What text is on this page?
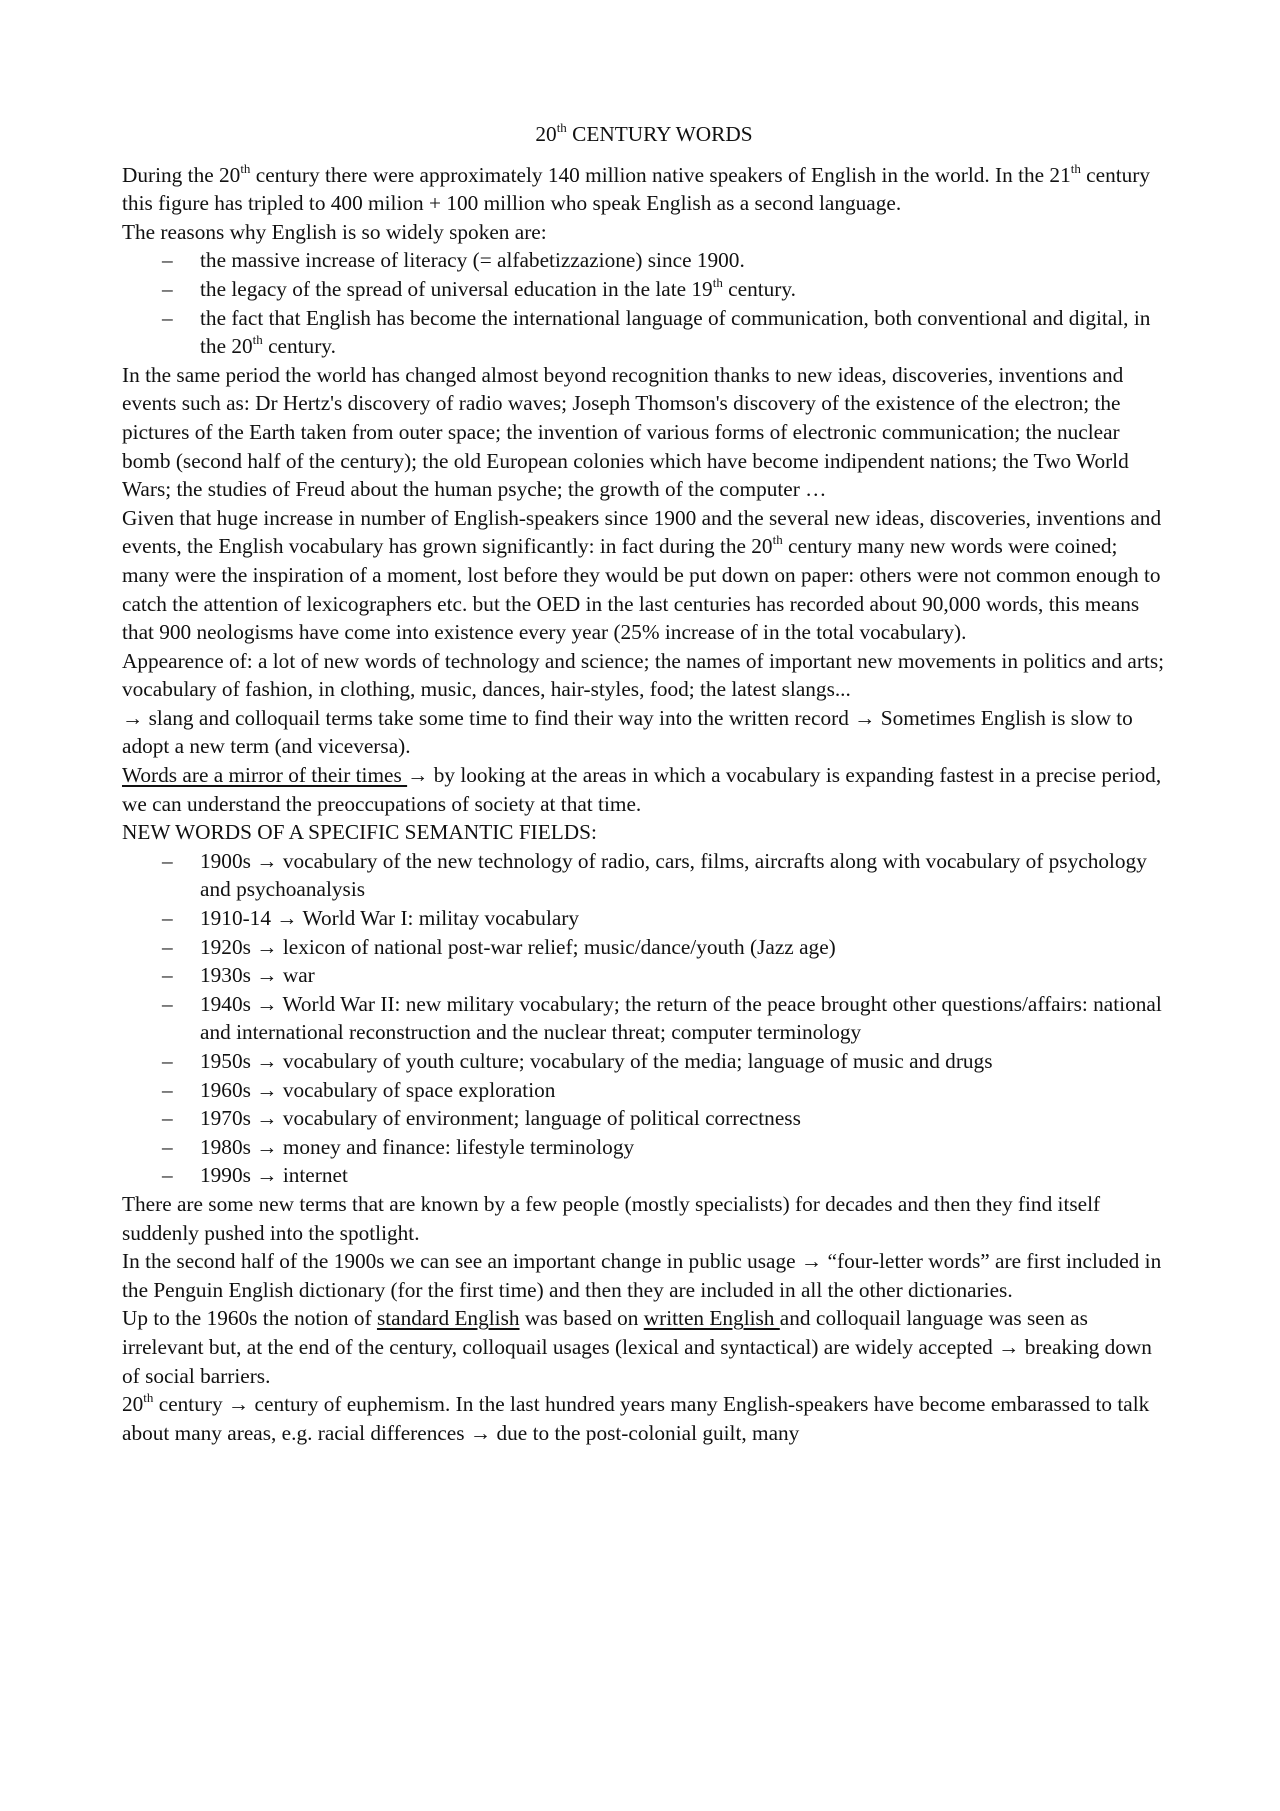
20th CENTURY WORDS

During the 20th century there were approximately 140 million native speakers of English in the world. In the 21th century this figure has tripled to 400 milion + 100 million who speak English as a second language.

The reasons why English is so widely spoken are:

– the massive increase of literacy (= alfabetizzazione) since 1900.
– the legacy of the spread of universal education in the late 19th century.
– the fact that English has become the international language of communication, both conventional and digital, in the 20th century.

In the same period the world has changed almost beyond recognition thanks to new ideas, discoveries, inventions and events such as: Dr Hertz's discovery of radio waves; Joseph Thomson's discovery of the existence of the electron; the pictures of the Earth taken from outer space; the invention of various forms of electronic communication; the nuclear bomb (second half of the century); the old European colonies which have become indipendent nations; the Two World Wars; the studies of Freud about the human psyche; the growth of the computer …

Given that huge increase in number of English-speakers since 1900 and the several new ideas, discoveries, inventions and events, the English vocabulary has grown significantly: in fact during the 20th century many new words were coined; many were the inspiration of a moment, lost before they would be put down on paper: others were not common enough to catch the attention of lexicographers etc. but the OED in the last centuries has recorded about 90,000 words, this means that 900 neologisms have come into existence every year (25% increase of in the total vocabulary).

Appearence of: a lot of new words of technology and science; the names of important new movements in politics and arts; vocabulary of fashion, in clothing, music, dances, hair-styles, food; the latest slangs...

→ slang and colloquail terms take some time to find their way into the written record → Sometimes English is slow to adopt a new term (and viceversa).

Words are a mirror of their times → by looking at the areas in which a vocabulary is expanding fastest in a precise period, we can understand the preoccupations of society at that time.

NEW WORDS OF A SPECIFIC SEMANTIC FIELDS:

– 1900s → vocabulary of the new technology of radio, cars, films, aircrafts along with vocabulary of psychology and psychoanalysis
– 1910-14 → World War I: militay vocabulary
– 1920s → lexicon of national post-war relief; music/dance/youth (Jazz age)
– 1930s → war
– 1940s → World War II: new military vocabulary; the return of the peace brought other questions/affairs: national and international reconstruction and the nuclear threat; computer terminology
– 1950s → vocabulary of youth culture; vocabulary of the media; language of music and drugs
– 1960s → vocabulary of space exploration
– 1970s → vocabulary of environment; language of political correctness
– 1980s → money and finance: lifestyle terminology
– 1990s → internet

There are some new terms that are known by a few people (mostly specialists) for decades and then they find itself suddenly pushed into the spotlight.

In the second half of the 1900s we can see an important change in public usage → “four-letter words” are first included in the Penguin English dictionary (for the first time) and then they are included in all the other dictionaries.

Up to the 1960s the notion of standard English was based on written English and colloquail language was seen as irrelevant but, at the end of the century, colloquail usages (lexical and syntactical) are widely accepted → breaking down of social barriers.

20th century → century of euphemism. In the last hundred years many English-speakers have become embarassed to talk about many areas, e.g. racial differences → due to the post-colonial guilt, many
